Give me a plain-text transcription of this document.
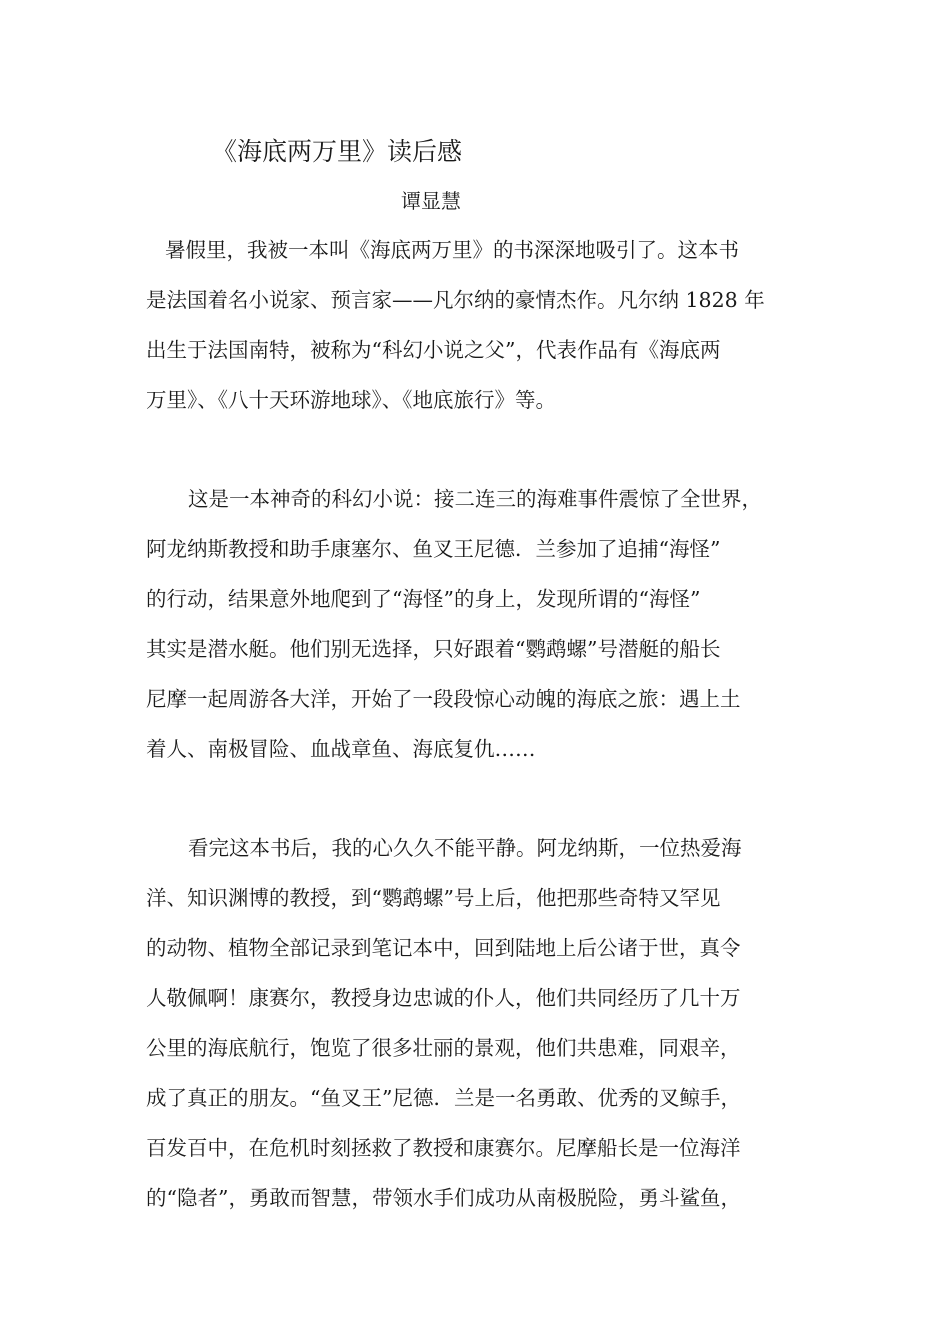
《海底两万里》读后感
谭显慧
暑假里，我被一本叫《海底两万里》的书深深地吸引了。这本书
是法国着名小说家、预言家——凡尔纳的豪情杰作。凡尔纳 1828 年
出生于法国南特，被称为“科幻小说之父”，代表作品有《海底两
万里》、《八十天环游地球》、《地底旅行》等。
这是一本神奇的科幻小说：接二连三的海难事件震惊了全世界，
阿龙纳斯教授和助手康塞尔、鱼叉王尼德．兰参加了追捕“海怪”
的行动，结果意外地爬到了“海怪”的身上，发现所谓的“海怪”
其实是潜水艇。他们别无选择，只好跟着“鹦鹉螺”号潜艇的船长
尼摩一起周游各大洋，开始了一段段惊心动魄的海底之旅：遇上土
着人、南极冒险、血战章鱼、海底复仇……
看完这本书后，我的心久久不能平静。阿龙纳斯，一位热爱海
洋、知识渊博的教授，到“鹦鹉螺”号上后，他把那些奇特又罕见
的动物、植物全部记录到笔记本中，回到陆地上后公诸于世，真令
人敬佩啊！康赛尔，教授身边忠诚的仆人，他们共同经历了几十万
公里的海底航行，饱览了很多壮丽的景观，他们共患难，同艰辛，
成了真正的朋友。“鱼叉王”尼德．兰是一名勇敢、优秀的叉鲸手，
百发百中，在危机时刻拯救了教授和康赛尔。尼摩船长是一位海洋
的“隐者”，勇敢而智慧，带领水手们成功从南极脱险，勇斗鲨鱼，
